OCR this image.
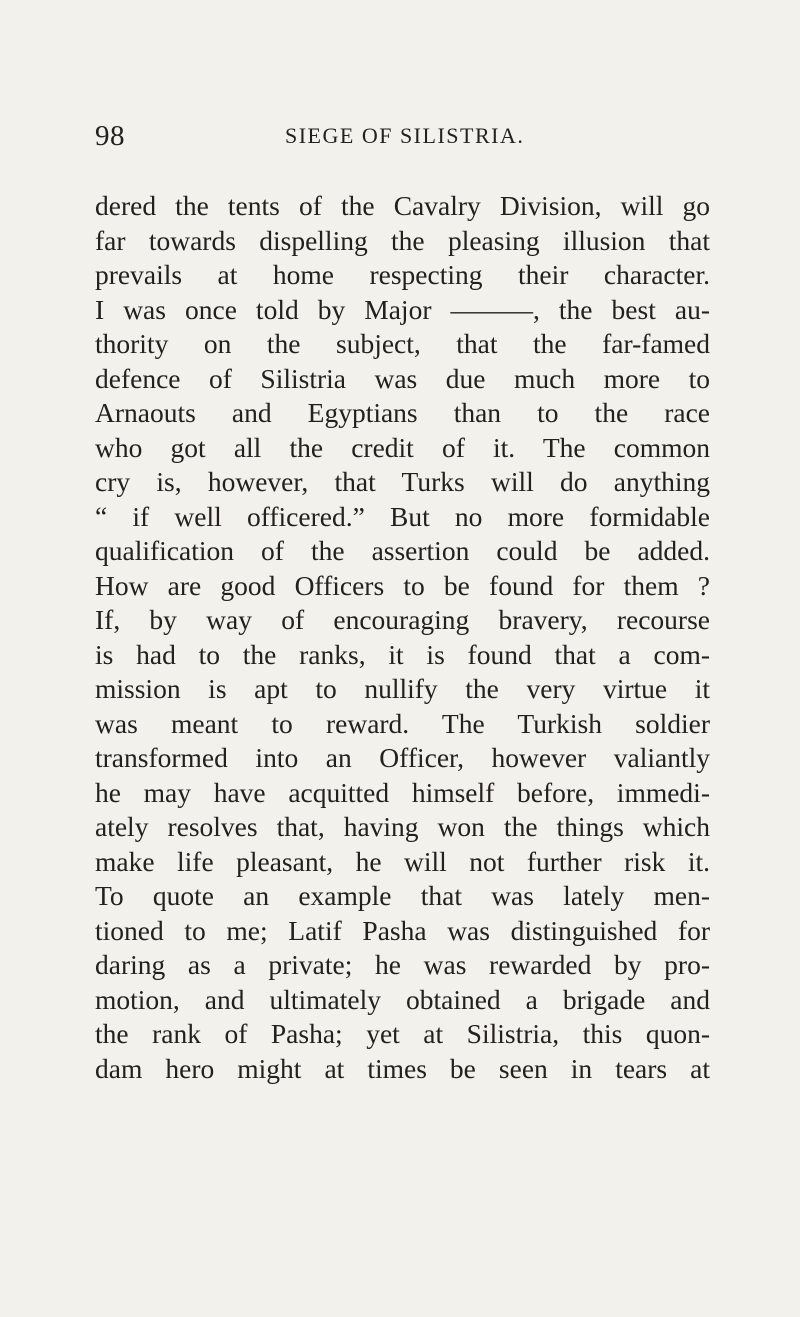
98	SIEGE OF SILISTRIA.
dered the tents of the Cavalry Division, will go
far towards dispelling the pleasing illusion that
prevails at home respecting their character.
I was once told by Major ———, the best au-
thority on the subject, that the far-famed
defence of Silistria was due much more to
Arnaouts and Egyptians than to the race
who got all the credit of it. The common
cry is, however, that Turks will do anything
“ if well officered.” But no more formidable
qualification of the assertion could be added.
How are good Officers to be found for them ?
If, by way of encouraging bravery, recourse
is had to the ranks, it is found that a com-
mission is apt to nullify the very virtue it
was meant to reward. The Turkish soldier
transformed into an Officer, however valiantly
he may have acquitted himself before, immedi-
ately resolves that, having won the things which
make life pleasant, he will not further risk it.
To quote an example that was lately men-
tioned to me; Latif Pasha was distinguished for
daring as a private; he was rewarded by pro-
motion, and ultimately obtained a brigade and
the rank of Pasha; yet at Silistria, this quon-
dam hero might at times be seen in tears at
